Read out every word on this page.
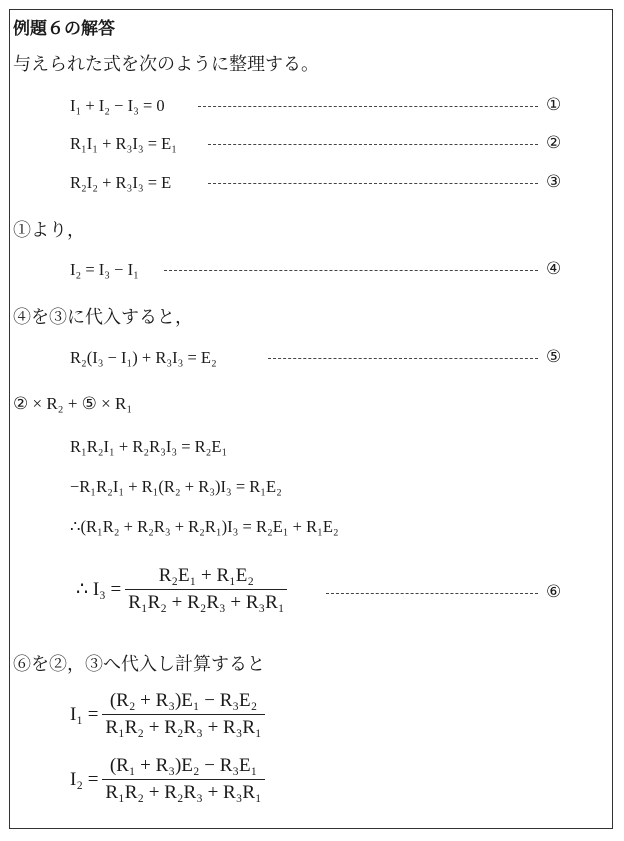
例題６の解答
与えられた式を次のように整理する。
I₁ + I₂ − I₃ = 0	①
R₁I₁ + R₃I₃ = E₁	②
R₂I₂ + R₃I₃ = E	③
①より，
I₂ = I₃ − I₁	④
④を③に代入すると，
R₂(I₃ − I₁) + R₃I₃ = E₂	⑤
② × R₂ + ⑤ × R₁
R₁R₂I₁ + R₂R₃I₃ = R₂E₁
−R₁R₂I₁ + R₁(R₂ + R₃)I₃ = R₁E₂
∴(R₁R₂ + R₂R₃ + R₂R₁)I₃ = R₂E₁ + R₁E₂
∴ $I_3 = \frac{\text{R₂E₁ + R₁E₂}}{\text{R₁R₂ + R₂R₃ + R₃R₁}}$	⑥
⑥を②，③へ代入し計算すると
$I_1 = \frac{\text{(R₂ + R₃)E₁ − R₃E₂}}{\text{R₁R₂ + R₂R₃ + R₃R₁}}$
$I_2 = \frac{\text{(R₁ + R₃)E₂ − R₃E₁}}{\text{R₁R₂ + R₂R₃ + R₃R₁}}$
